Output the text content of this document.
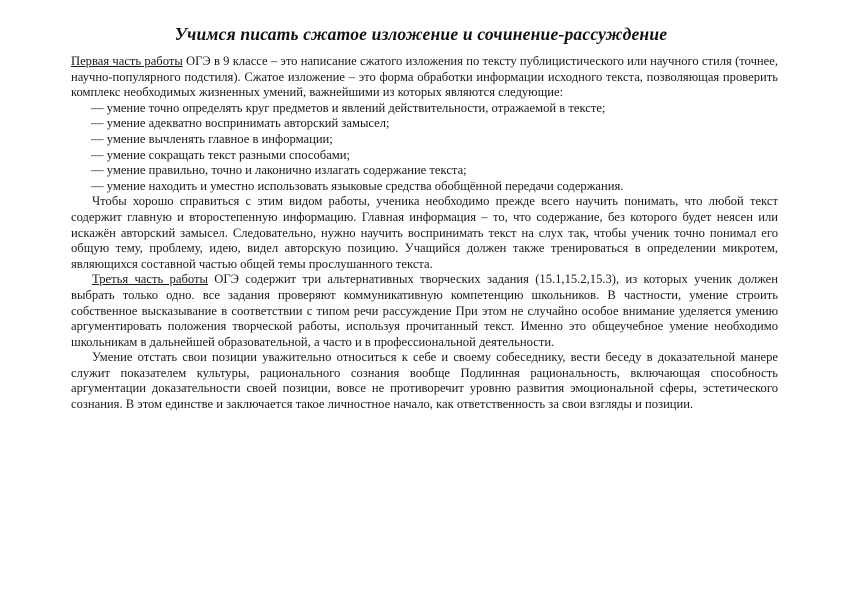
Учимся писать сжатое изложение и сочинение-рассуждение

Первая часть работы ОГЭ в 9 классе – это написание сжатого изложения по тексту публицистического или научного стиля (точнее, научно-популярного подстиля). Сжатое изложение – это форма обработки информации исходного текста, позволяющая проверить комплекс необходимых жизненных умений, важнейшими из которых являются следующие:

— умение точно определять круг предметов и явлений действительности, отражаемой в тексте;
— умение адекватно воспринимать авторский замысел;
— умение вычленять главное в информации;
— умение сокращать текст разными способами;
— умение правильно, точно и лаконично излагать содержание текста;
— умение находить и уместно использовать языковые средства обобщённой передачи содержания.

Чтобы хорошо справиться с этим видом работы, ученика необходимо прежде всего научить понимать, что любой текст содержит главную и второстепенную информацию. Главная информация – то, что содержание, без которого будет неясен или искажён авторский замысел. Следовательно, нужно научить воспринимать текст на слух так, чтобы ученик точно понимал его общую тему, проблему, идею, видел авторскую позицию. Учащийся должен также тренироваться в определении микротем, являющихся составной частью общей темы прослушанного текста.

Третья часть работы ОГЭ содержит три альтернативных творческих задания (15.1,15.2,15.3), из которых ученик должен выбрать только одно. все задания проверяют коммуникативную компетенцию школьников. В частности, умение строить собственное высказывание в соответствии с типом речи рассуждение При этом не случайно особое внимание уделяется умению аргументировать положения творческой работы, используя прочитанный текст. Именно это общеучебное умение необходимо школьникам в дальнейшей образовательной, а часто и в профессиональной деятельности.

Умение отстать свои позиции уважительно относиться к себе и своему собеседнику, вести беседу в доказательной манере служит показателем культуры, рационального сознания вообще Подлинная рациональность, включающая способность аргументации доказательности своей позиции, вовсе не противоречит уровню развития эмоциональной сферы, эстетического сознания. В этом единстве и заключается такое личностное начало, как ответственность за свои взгляды и позиции.
